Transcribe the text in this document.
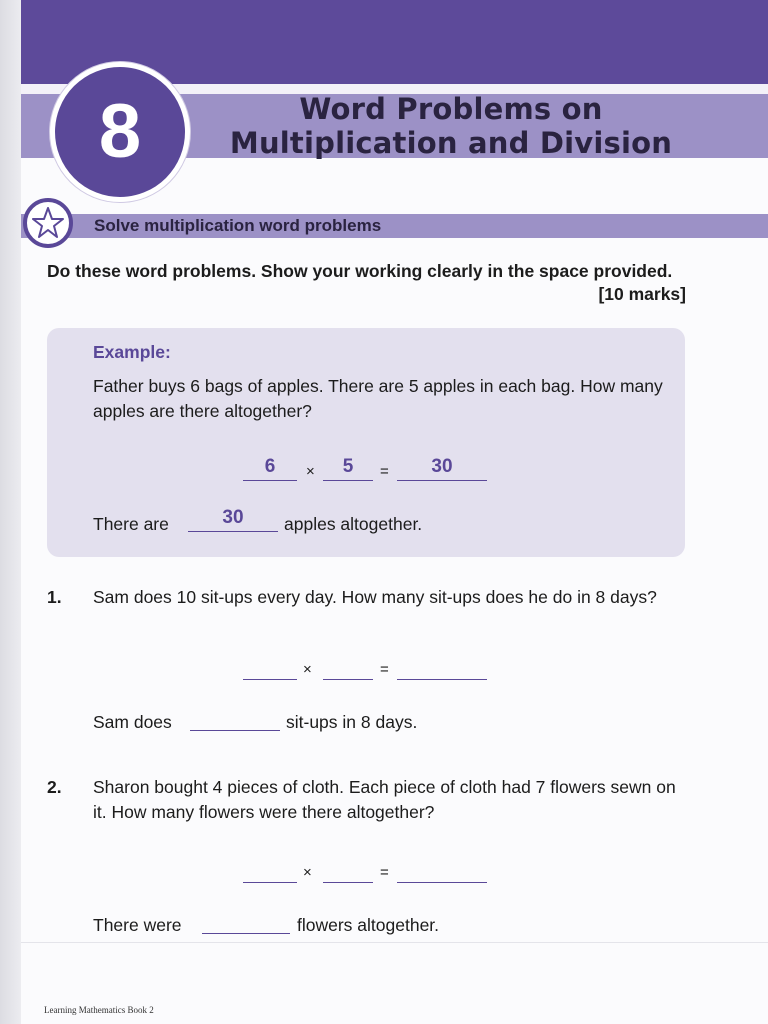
8	Word Problems on
Multiplication and Division
Solve multiplication word problems
Do these word problems. Show your working clearly in the space provided.
[10 marks]
Example:
Father buys 6 bags of apples. There are 5 apples in each bag. How many apples are there altogether?
6	×	5	=	30
There are	30	apples altogether.
1. Sam does 10 sit-ups every day. How many sit-ups does he do in 8 days?
×	=
Sam does	sit-ups in 8 days.
2. Sharon bought 4 pieces of cloth. Each piece of cloth had 7 flowers sewn on it. How many flowers were there altogether?
×	=
There were	flowers altogether.
Learning Mathematics Book 2
